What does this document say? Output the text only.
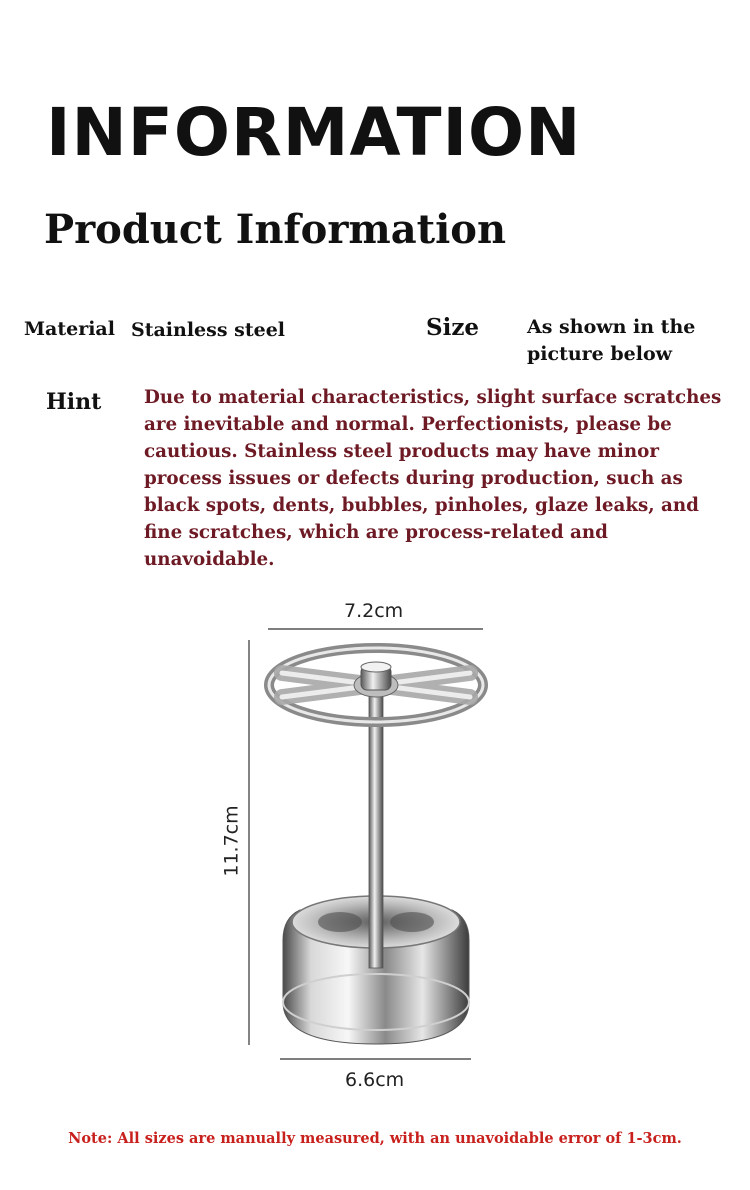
INFORMATION
Product Information
Material Stainless steel	Size	As shown in the
picture below
Hint Due to material characteristics, slight surface scratches are inevitable and normal. Perfectionists, please be cautious. Stainless steel products may have minor process issues or defects during production, such as black spots, dents, bubbles, pinholes, glaze leaks, and fine scratches, which are process-related and unavoidable.
7.2cm
11.7cm
6.6cm
Note: All sizes are manually measured, with an unavoidable error of 1-3cm.
